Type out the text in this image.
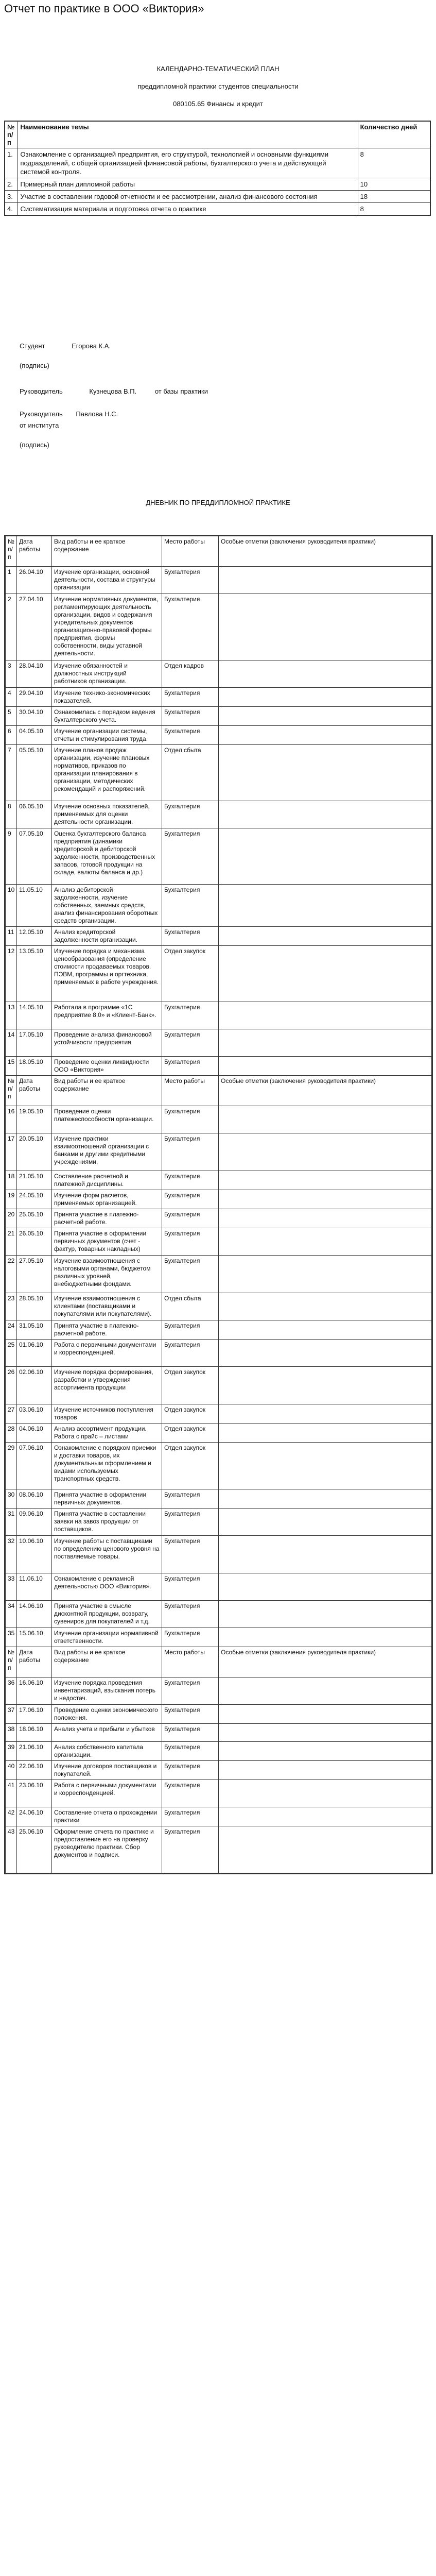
Отчет по практике в ООО «Виктория»
КАЛЕНДАРНО-ТЕМАТИЧЕСКИЙ ПЛАН
преддипломной практики студентов специальности
080105.65 Финансы и кредит
№ п/п	Наименование темы	Количество дней
1.	Ознакомление с организацией предприятия, его структурой, технологией и основными функциями подразделений, с общей организацией финансовой работы, бухгалтерского учета и действующей системой контроля.	8
2.	Примерный план дипломной работы	10
3.	Участие в составлении годовой отчетности и ее рассмотрении, анализ финансового состояния	18
4.	Систематизация материала и подготовка отчета о практике	8
Студент	Егорова К.А.
(подпись)
Руководитель	Кузнецова В.П.	от базы практики
Руководитель Павлова Н.С.
от института
(подпись)
ДНЕВНИК ПО ПРЕДДИПЛОМНОЙ ПРАКТИКЕ
№ п/п	Дата работы	Вид работы и ее краткое содержание	Место работы	Особые отметки (заключения руководителя практики)
1	26.04.10	Изучение организации, основной деятельности, состава и структуры организации	Бухгалтерия	
2	27.04.10	Изучение нормативных документов, регламентирующих деятельность организации, видов и содержания учредительных документов организационно-правовой формы предприятия, формы собственности, виды уставной деятельности.	Бухгалтерия	
3	28.04.10	Изучение обязанностей и должностных инструкций работников организации.	Отдел кадров	
4	29.04.10	Изучение технико-экономических показателей.	Бухгалтерия	
5	30.04.10	Ознакомилась с порядком ведения бухгалтерского учета.	Бухгалтерия	
6	04.05.10	Изучение организации системы, отчеты и стимулирования труда.	Бухгалтерия	
7	05.05.10	Изучение планов продаж организации, изучение плановых нормативов, приказов по организации планирования в организации, методических рекомендаций и распоряжений.	Отдел сбыта	
8	06.05.10	Изучение основных показателей, применяемых для оценки деятельности организации.	Бухгалтерия	
9	07.05.10	Оценка бухгалтерского баланса предприятия (динамики кредиторской и дебиторской задолженности, производственных запасов, готовой продукции на складе, валюты баланса и др.)	Бухгалтерия	
10	11.05.10	Анализ дебиторской задолженности, изучение собственных, заемных средств, анализ финансирования оборотных средств организации.	Бухгалтерия	
11	12.05.10	Анализ кредиторской задолженности организации.	Бухгалтерия	
12	13.05.10	Изучение порядка и механизма ценообразования (определение стоимости продаваемых товаров. ПЭВМ, программы и оргтехника, применяемых в работе учреждения.	Отдел закупок	
13	14.05.10	Работала в программе «1С предприятие 8.0» и «Клиент-Банк».	Бухгалтерия	
14	17.05.10	Проведение анализа финансовой устойчивости предприятия	Бухгалтерия	
15	18.05.10	Проведение оценки ликвидности ООО «Виктория»	Бухгалтерия	
№ п/п	Дата работы	Вид работы и ее краткое содержание	Место работы	Особые отметки (заключения руководителя практики)
16	19.05.10	Проведение оценки платежеспособности организации.	Бухгалтерия	
17	20.05.10	Изучение практики взаимоотношений организации с банками и другими кредитными учреждениями,	Бухгалтерия	
18	21.05.10	Составление расчетной и платежной дисциплины.	Бухгалтерия	
19	24.05.10	Изучение форм расчетов, применяемых организацией.	Бухгалтерия	
20	25.05.10	Принята участие в платежно-расчетной работе.	Бухгалтерия	
21	26.05.10	Принята участие в оформлении первичных документов (счет - фактур, товарных накладных)	Бухгалтерия	
22	27.05.10	Изучение взаимоотношения с налоговыми органами, бюджетом различных уровней, внебюджетными фондами.	Бухгалтерия	
23	28.05.10	Изучение взаимоотношения с клиентами (поставщиками и покупателями или покупателями).	Отдел сбыта	
24	31.05.10	Принята участие в платежно-расчетной работе.	Бухгалтерия	
25	01.06.10	Работа с первичными документами и корреспонденцией.	Бухгалтерия	
26	02.06.10	Изучение порядка формирования, разработки и утверждения ассортимента продукции	Отдел закупок	
27	03.06.10	Изучение источников поступления товаров	Отдел закупок	
28	04.06.10	Анализ ассортимент продукции. Работа с прайс – листами	Отдел закупок	
29	07.06.10	Ознакомление с порядком приемки и доставки товаров, их документальным оформлением и видами используемых транспортных средств.	Отдел закупок	
30	08.06.10	Принята участие в оформлении первичных документов.	Бухгалтерия	
31	09.06.10	Принята участие в составлении заявки на завоз продукции от поставщиков.	Бухгалтерия	
32	10.06.10	Изучение работы с поставщиками по определению ценового уровня на поставляемые товары.	Бухгалтерия	
33	11.06.10	Ознакомление с рекламной деятельностью ООО «Виктория».	Бухгалтерия	
34	14.06.10	Принята участие в смысле дисконтной продукции, возврату, сувениров для покупателей и т.д.	Бухгалтерия	
35	15.06.10	Изучение организации нормативной ответственности.	Бухгалтерия	
№ п/п	Дата работы	Вид работы и ее краткое содержание	Место работы	Особые отметки (заключения руководителя практики)
36	16.06.10	Изучение порядка проведения инвентаризаций, взыскания потерь и недостач.	Бухгалтерия	
37	17.06.10	Проведение оценки экономического положения.	Бухгалтерия	
38	18.06.10	Анализ учета и прибыли и убытков	Бухгалтерия	
39	21.06.10	Анализ собственного капитала организации.	Бухгалтерия	
40	22.06.10	Изучение договоров поставщиков и покупателей.	Бухгалтерия	
41	23.06.10	Работа с первичными документами и корреспонденцией.	Бухгалтерия	
42	24.06.10	Составление отчета о прохождении практики	Бухгалтерия	
43	25.06.10	Оформление отчета по практике и предоставление его на проверку руководителю практики. Сбор документов и подписи.	Бухгалтерия	
